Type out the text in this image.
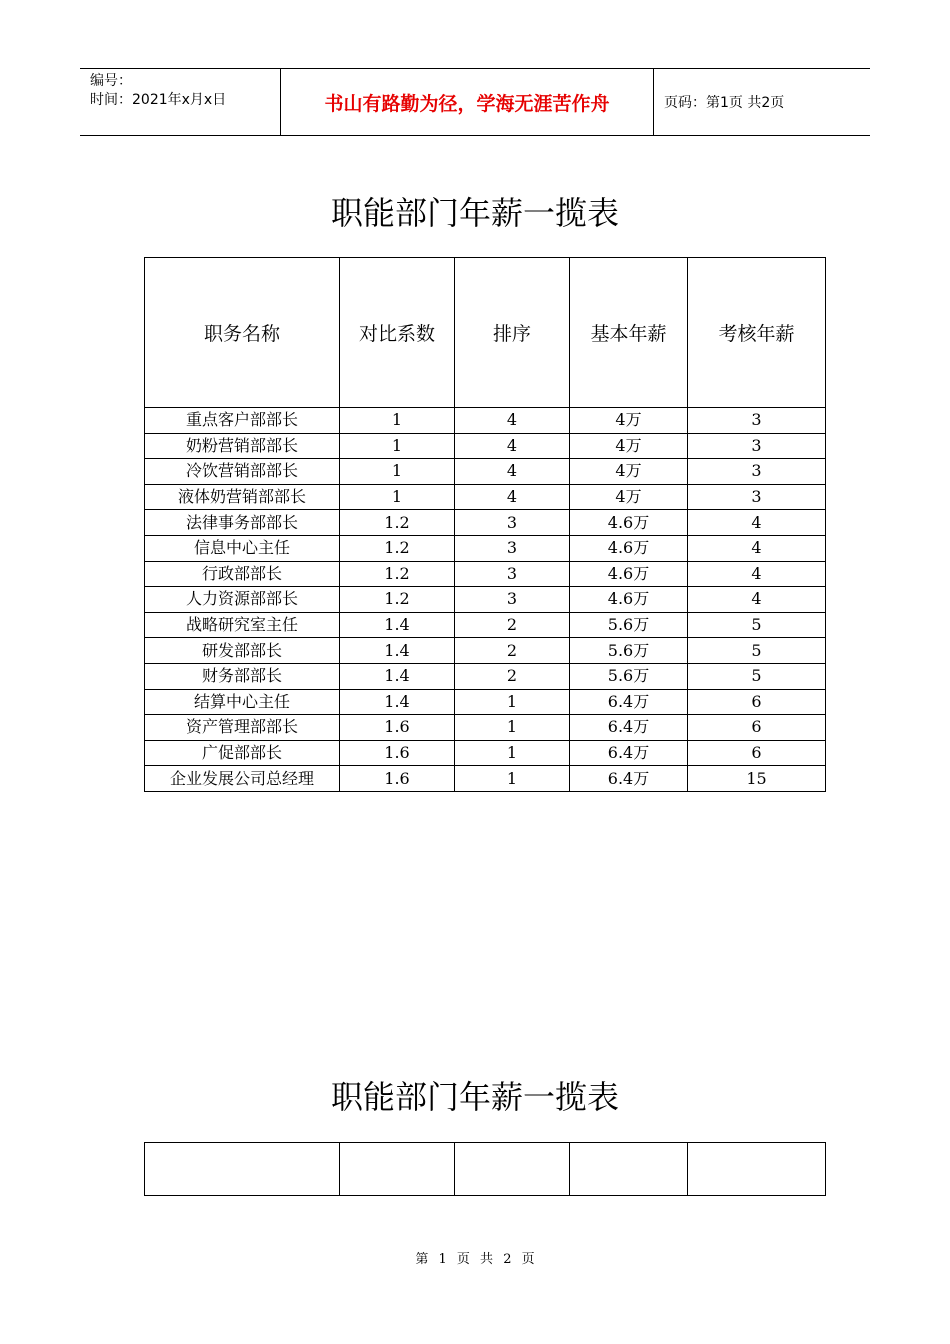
编号：
时间：2021年x月x日	书山有路勤为径，学海无涯苦作舟	页码：第1页 共2页
职能部门年薪一揽表
职务名称	对比系数	排序	基本年薪	考核年薪
重点客户部部长	1	4	4万	3
奶粉营销部部长	1	4	4万	3
冷饮营销部部长	1	4	4万	3
液体奶营销部部长	1	4	4万	3
法律事务部部长	1.2	3	4.6万	4
信息中心主任	1.2	3	4.6万	4
行政部部长	1.2	3	4.6万	4
人力资源部部长	1.2	3	4.6万	4
战略研究室主任	1.4	2	5.6万	5
研发部部长	1.4	2	5.6万	5
财务部部长	1.4	2	5.6万	5
结算中心主任	1.4	1	6.4万	6
资产管理部部长	1.6	1	6.4万	6
广促部部长	1.6	1	6.4万	6
企业发展公司总经理	1.6	1	6.4万	15
职能部门年薪一揽表

第 1 页 共 2 页
